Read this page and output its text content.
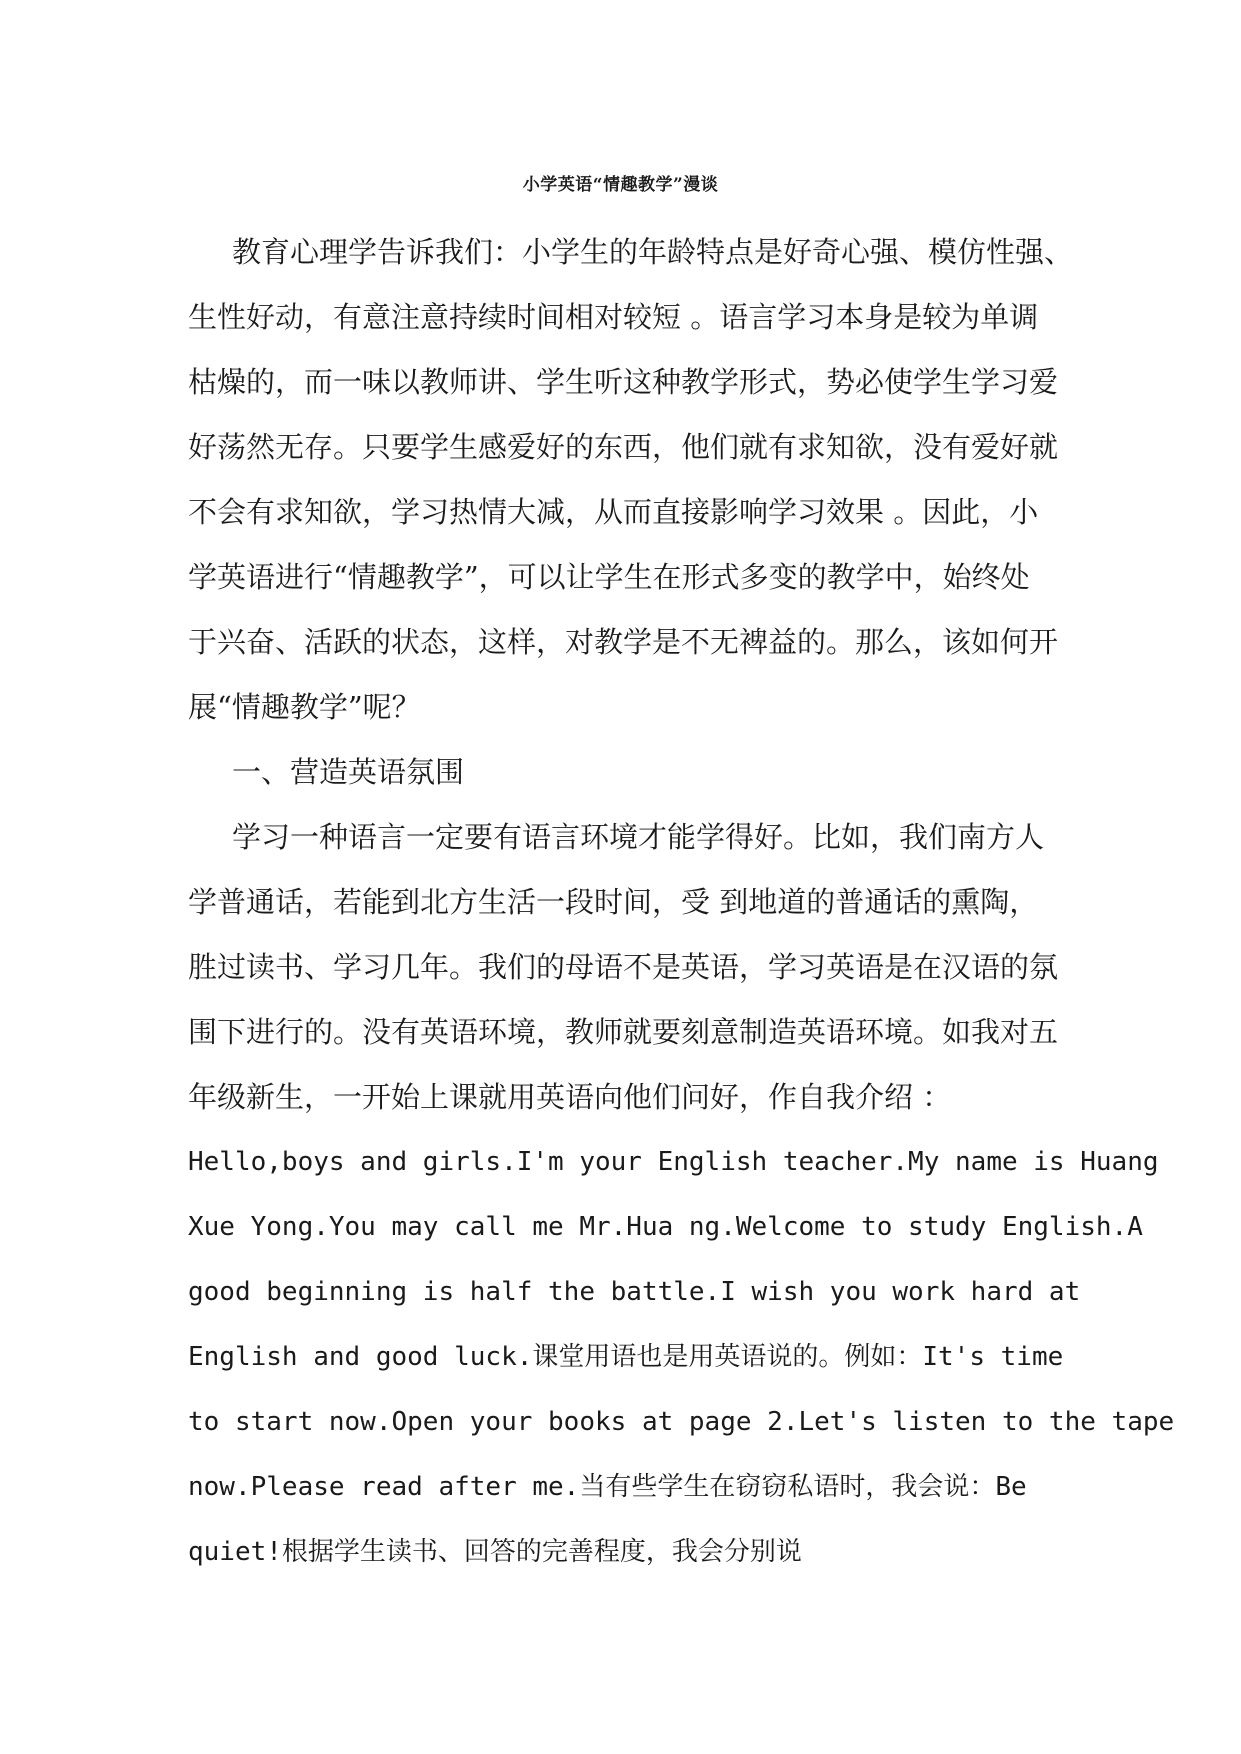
小学英语“情趣教学”漫谈
教育心理学告诉我们：小学生的年龄特点是好奇心强、模仿性强、
生性好动，有意注意持续时间相对较短 。语言学习本身是较为单调
枯燥的，而一味以教师讲、学生听这种教学形式，势必使学生学习爱
好荡然无存。只要学生感爱好的东西，他们就有求知欲，没有爱好就
不会有求知欲，学习热情大减，从而直接影响学习效果 。因此，小
学英语进行“情趣教学”，可以让学生在形式多变的教学中，始终处
于兴奋、活跃的状态，这样，对教学是不无裨益的。那么，该如何开
展“情趣教学”呢？
一、营造英语氛围
学习一种语言一定要有语言环境才能学得好。比如，我们南方人
学普通话，若能到北方生活一段时间，受 到地道的普通话的熏陶，
胜过读书、学习几年。我们的母语不是英语，学习英语是在汉语的氛
围下进行的。没有英语环境，教师就要刻意制造英语环境。如我对五
年级新生，一开始上课就用英语向他们问好，作自我介绍 ：
Hello,boys and girls.I'm your English teacher.My name is Huang
Xue Yong.You may call me Mr.Hua ng.Welcome to study English.A
good beginning is half the battle.I wish you work hard at
English and good luck.课堂用语也是用英语说的。例如：It's time
to start now.Open your books at page 2.Let's listen to the tape
now.Please read after me.当有些学生在窃窃私语时，我会说：Be
quiet!根据学生读书、回答的完善程度，我会分别说
